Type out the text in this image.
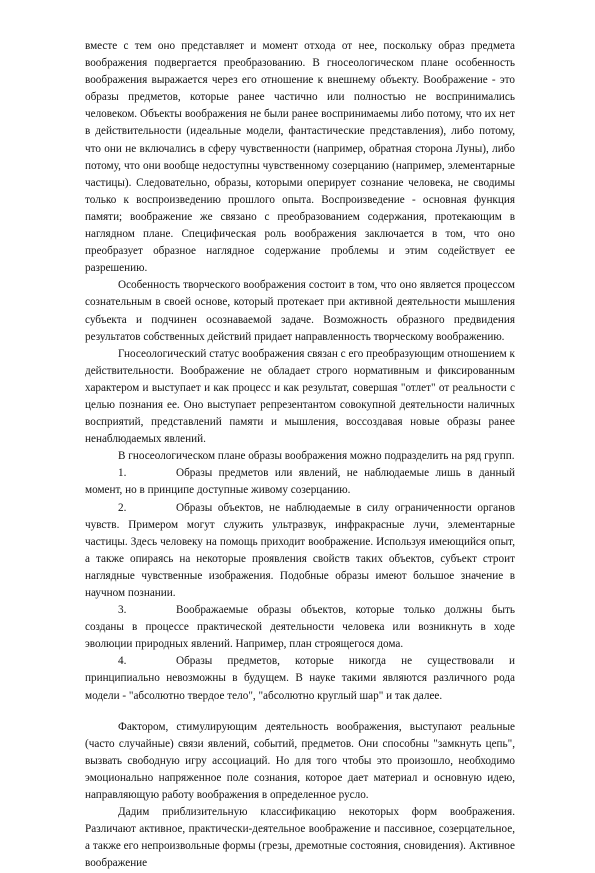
вместе с тем оно представляет и момент отхода от нее, поскольку образ предмета воображения подвергается преобразованию. В гносеологическом плане особенность воображения выражается через его отношение к внешнему объекту. Воображение - это образы предметов, которые ранее частично или полностью не воспринимались человеком. Объекты воображения не были ранее воспринимаемы либо потому, что их нет в действительности (идеальные модели, фантастические представления), либо потому, что они не включались в сферу чувственности (например, обратная сторона Луны), либо потому, что они вообще недоступны чувственному созерцанию (например, элементарные частицы). Следовательно, образы, которыми оперирует сознание человека, не сводимы только к воспроизведению прошлого опыта. Воспроизведение - основная функция памяти; воображение же связано с преобразованием содержания, протекающим в наглядном плане. Специфическая роль воображения заключается в том, что оно преобразует образное наглядное содержание проблемы и этим содействует ее разрешению.

Особенность творческого воображения состоит в том, что оно является процессом сознательным в своей основе, который протекает при активной деятельности мышления субъекта и подчинен осознаваемой задаче. Возможность образного предвидения результатов собственных действий придает направленность творческому воображению.

Гносеологический статус воображения связан с его преобразующим отношением к действительности. Воображение не обладает строго нормативным и фиксированным характером и выступает и как процесс и как результат, совершая "отлет" от реальности с целью познания ее. Оно выступает репрезентантом совокупной деятельности наличных восприятий, представлений памяти и мышления, воссоздавая новые образы ранее ненаблюдаемых явлений.

В гносеологическом плане образы воображения можно подразделить на ряд групп.

1.	Образы предметов или явлений, не наблюдаемые лишь в данный момент, но в принципе доступные живому созерцанию.
2.	Образы объектов, не наблюдаемые в силу ограниченности органов чувств. Примером могут служить ультразвук, инфракрасные лучи, элементарные частицы. Здесь человеку на помощь приходит воображение. Используя имеющийся опыт, а также опираясь на некоторые проявления свойств таких объектов, субъект строит наглядные чувственные изображения. Подобные образы имеют большое значение в научном познании.
3.	Воображаемые образы объектов, которые только должны быть созданы в процессе практической деятельности человека или возникнуть в ходе эволюции природных явлений. Например, план строящегося дома.
4.	Образы предметов, которые никогда не существовали и принципиально невозможны в будущем. В науке такими являются различного рода модели - "абсолютно твердое тело", "абсолютно круглый шар" и так далее.

Фактором, стимулирующим деятельность воображения, выступают реальные (часто случайные) связи явлений, событий, предметов. Они способны "замкнуть цепь", вызвать свободную игру ассоциаций. Но для того чтобы это произошло, необходимо эмоционально напряженное поле сознания, которое дает материал и основную идею, направляющую работу воображения в определенное русло.

Дадим приблизительную классификацию некоторых форм воображения. Различают активное, практически-деятельное воображение и пассивное, созерцательное, а также его непроизвольные формы (грезы, дремотные состояния, сновидения). Активное воображение
